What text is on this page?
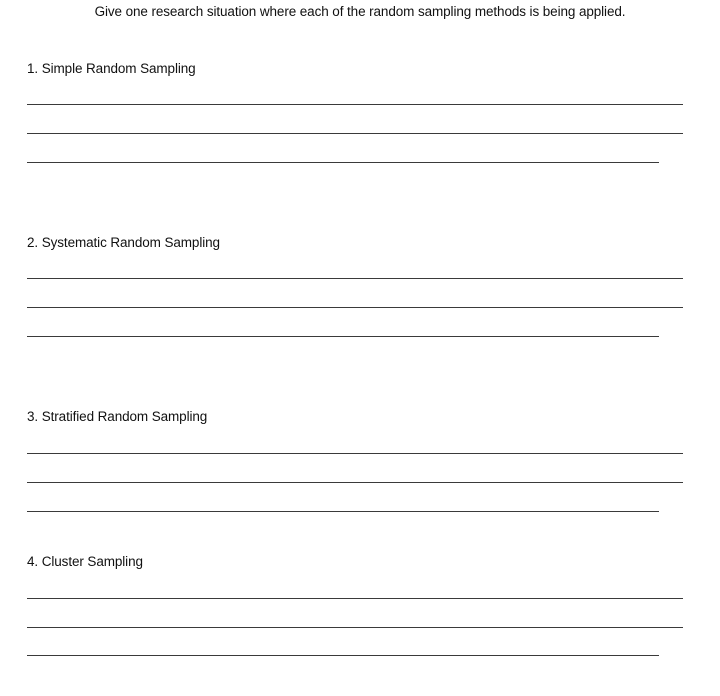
Give one research situation where each of the random sampling methods is being applied.
1. Simple Random Sampling
2. Systematic Random Sampling
3. Stratified Random Sampling
4. Cluster Sampling
